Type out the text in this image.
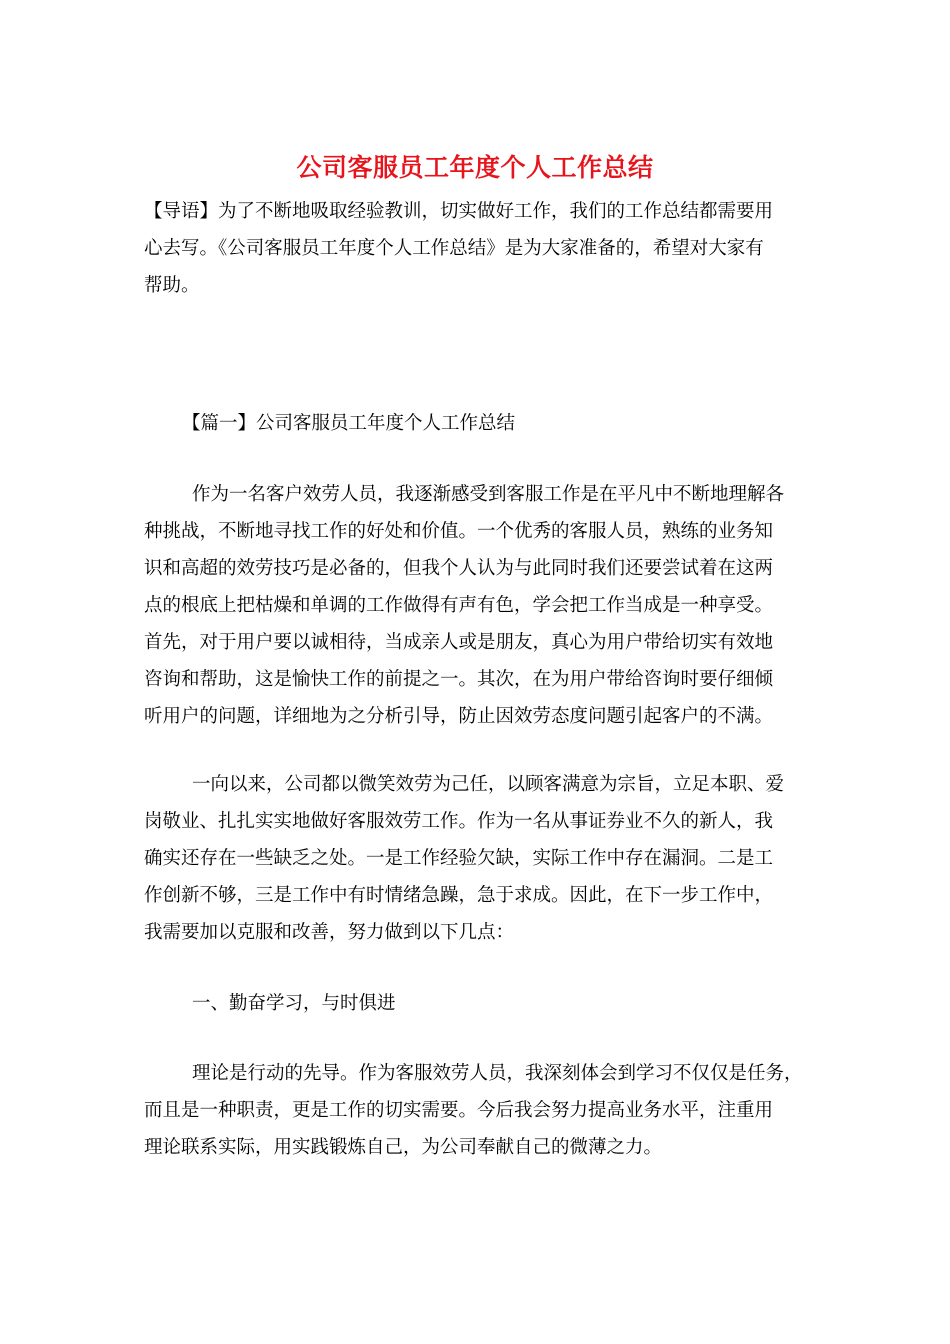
公司客服员工年度个人工作总结
【导语】为了不断地吸取经验教训，切实做好工作，我们的工作总结都需要用
心去写。《公司客服员工年度个人工作总结》是为大家准备的，希望对大家有
帮助。
【篇一】公司客服员工年度个人工作总结
作为一名客户效劳人员，我逐渐感受到客服工作是在平凡中不断地理解各
种挑战，不断地寻找工作的好处和价值。一个优秀的客服人员，熟练的业务知
识和高超的效劳技巧是必备的，但我个人认为与此同时我们还要尝试着在这两
点的根底上把枯燥和单调的工作做得有声有色，学会把工作当成是一种享受。
首先，对于用户要以诚相待，当成亲人或是朋友，真心为用户带给切实有效地
咨询和帮助，这是愉快工作的前提之一。其次，在为用户带给咨询时要仔细倾
听用户的问题，详细地为之分析引导，防止因效劳态度问题引起客户的不满。
一向以来，公司都以微笑效劳为己任，以顾客满意为宗旨，立足本职、爱
岗敬业、扎扎实实地做好客服效劳工作。作为一名从事证券业不久的新人，我
确实还存在一些缺乏之处。一是工作经验欠缺，实际工作中存在漏洞。二是工
作创新不够，三是工作中有时情绪急躁，急于求成。因此，在下一步工作中，
我需要加以克服和改善，努力做到以下几点：
一、勤奋学习，与时俱进
理论是行动的先导。作为客服效劳人员，我深刻体会到学习不仅仅是任务，
而且是一种职责，更是工作的切实需要。今后我会努力提高业务水平，注重用
理论联系实际，用实践锻炼自己，为公司奉献自己的微薄之力。
